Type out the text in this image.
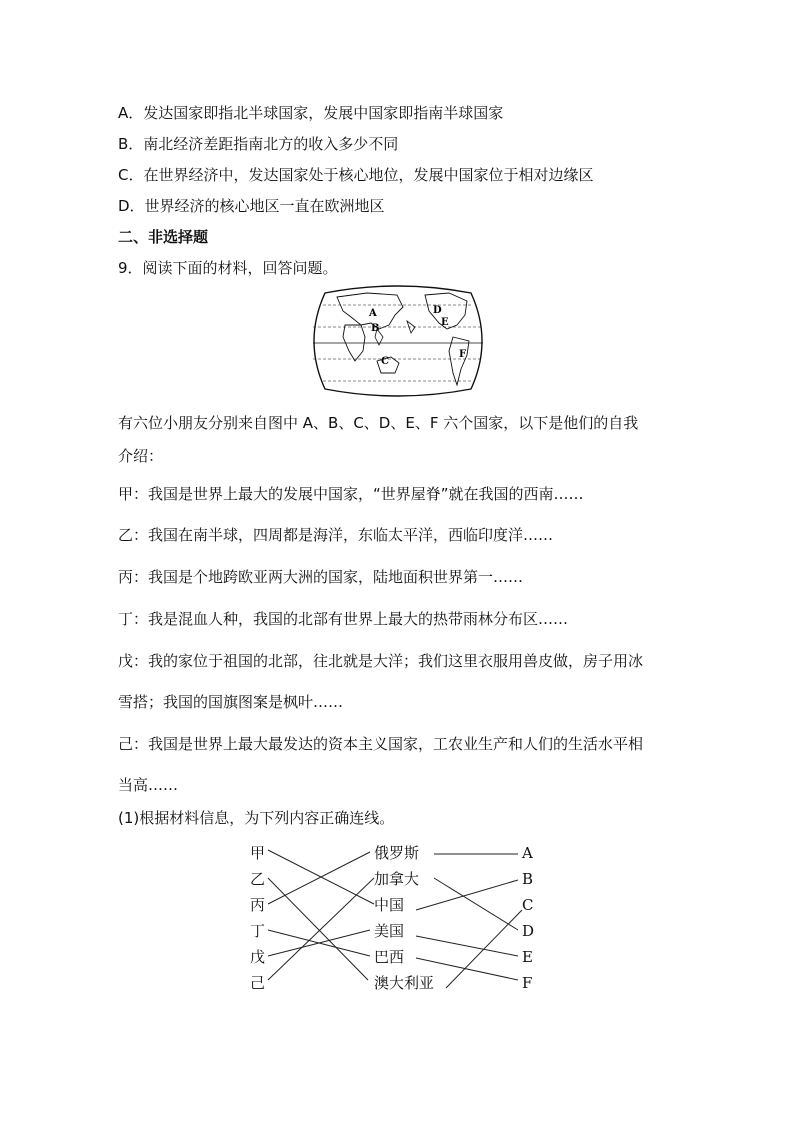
A．发达国家即指北半球国家，发展中国家即指南半球国家
B．南北经济差距指南北方的收入多少不同
C．在世界经济中，发达国家处于核心地位，发展中国家位于相对边缘区
D．世界经济的核心地区一直在欧洲地区
二、非选择题
9．阅读下面的材料，回答问题。
A
B
C
D
E
F
有六位小朋友分别来自图中 A、B、C、D、E、F 六个国家，以下是他们的自我
介绍：
甲：我国是世界上最大的发展中国家，“世界屋脊”就在我国的西南……
乙：我国在南半球，四周都是海洋，东临太平洋，西临印度洋……
丙：我国是个地跨欧亚两大洲的国家，陆地面积世界第一……
丁：我是混血人种，我国的北部有世界上最大的热带雨林分布区……
戊：我的家位于祖国的北部，往北就是大洋；我们这里衣服用兽皮做，房子用冰
雪搭；我国的国旗图案是枫叶……
己：我国是世界上最大最发达的资本主义国家，工农业生产和人们的生活水平相
当高……
(1)根据材料信息，为下列内容正确连线。
甲
乙
丙
丁
戊
己
俄罗斯
加拿大
中国
美国
巴西
澳大利亚
A
B
C
D
E
F
